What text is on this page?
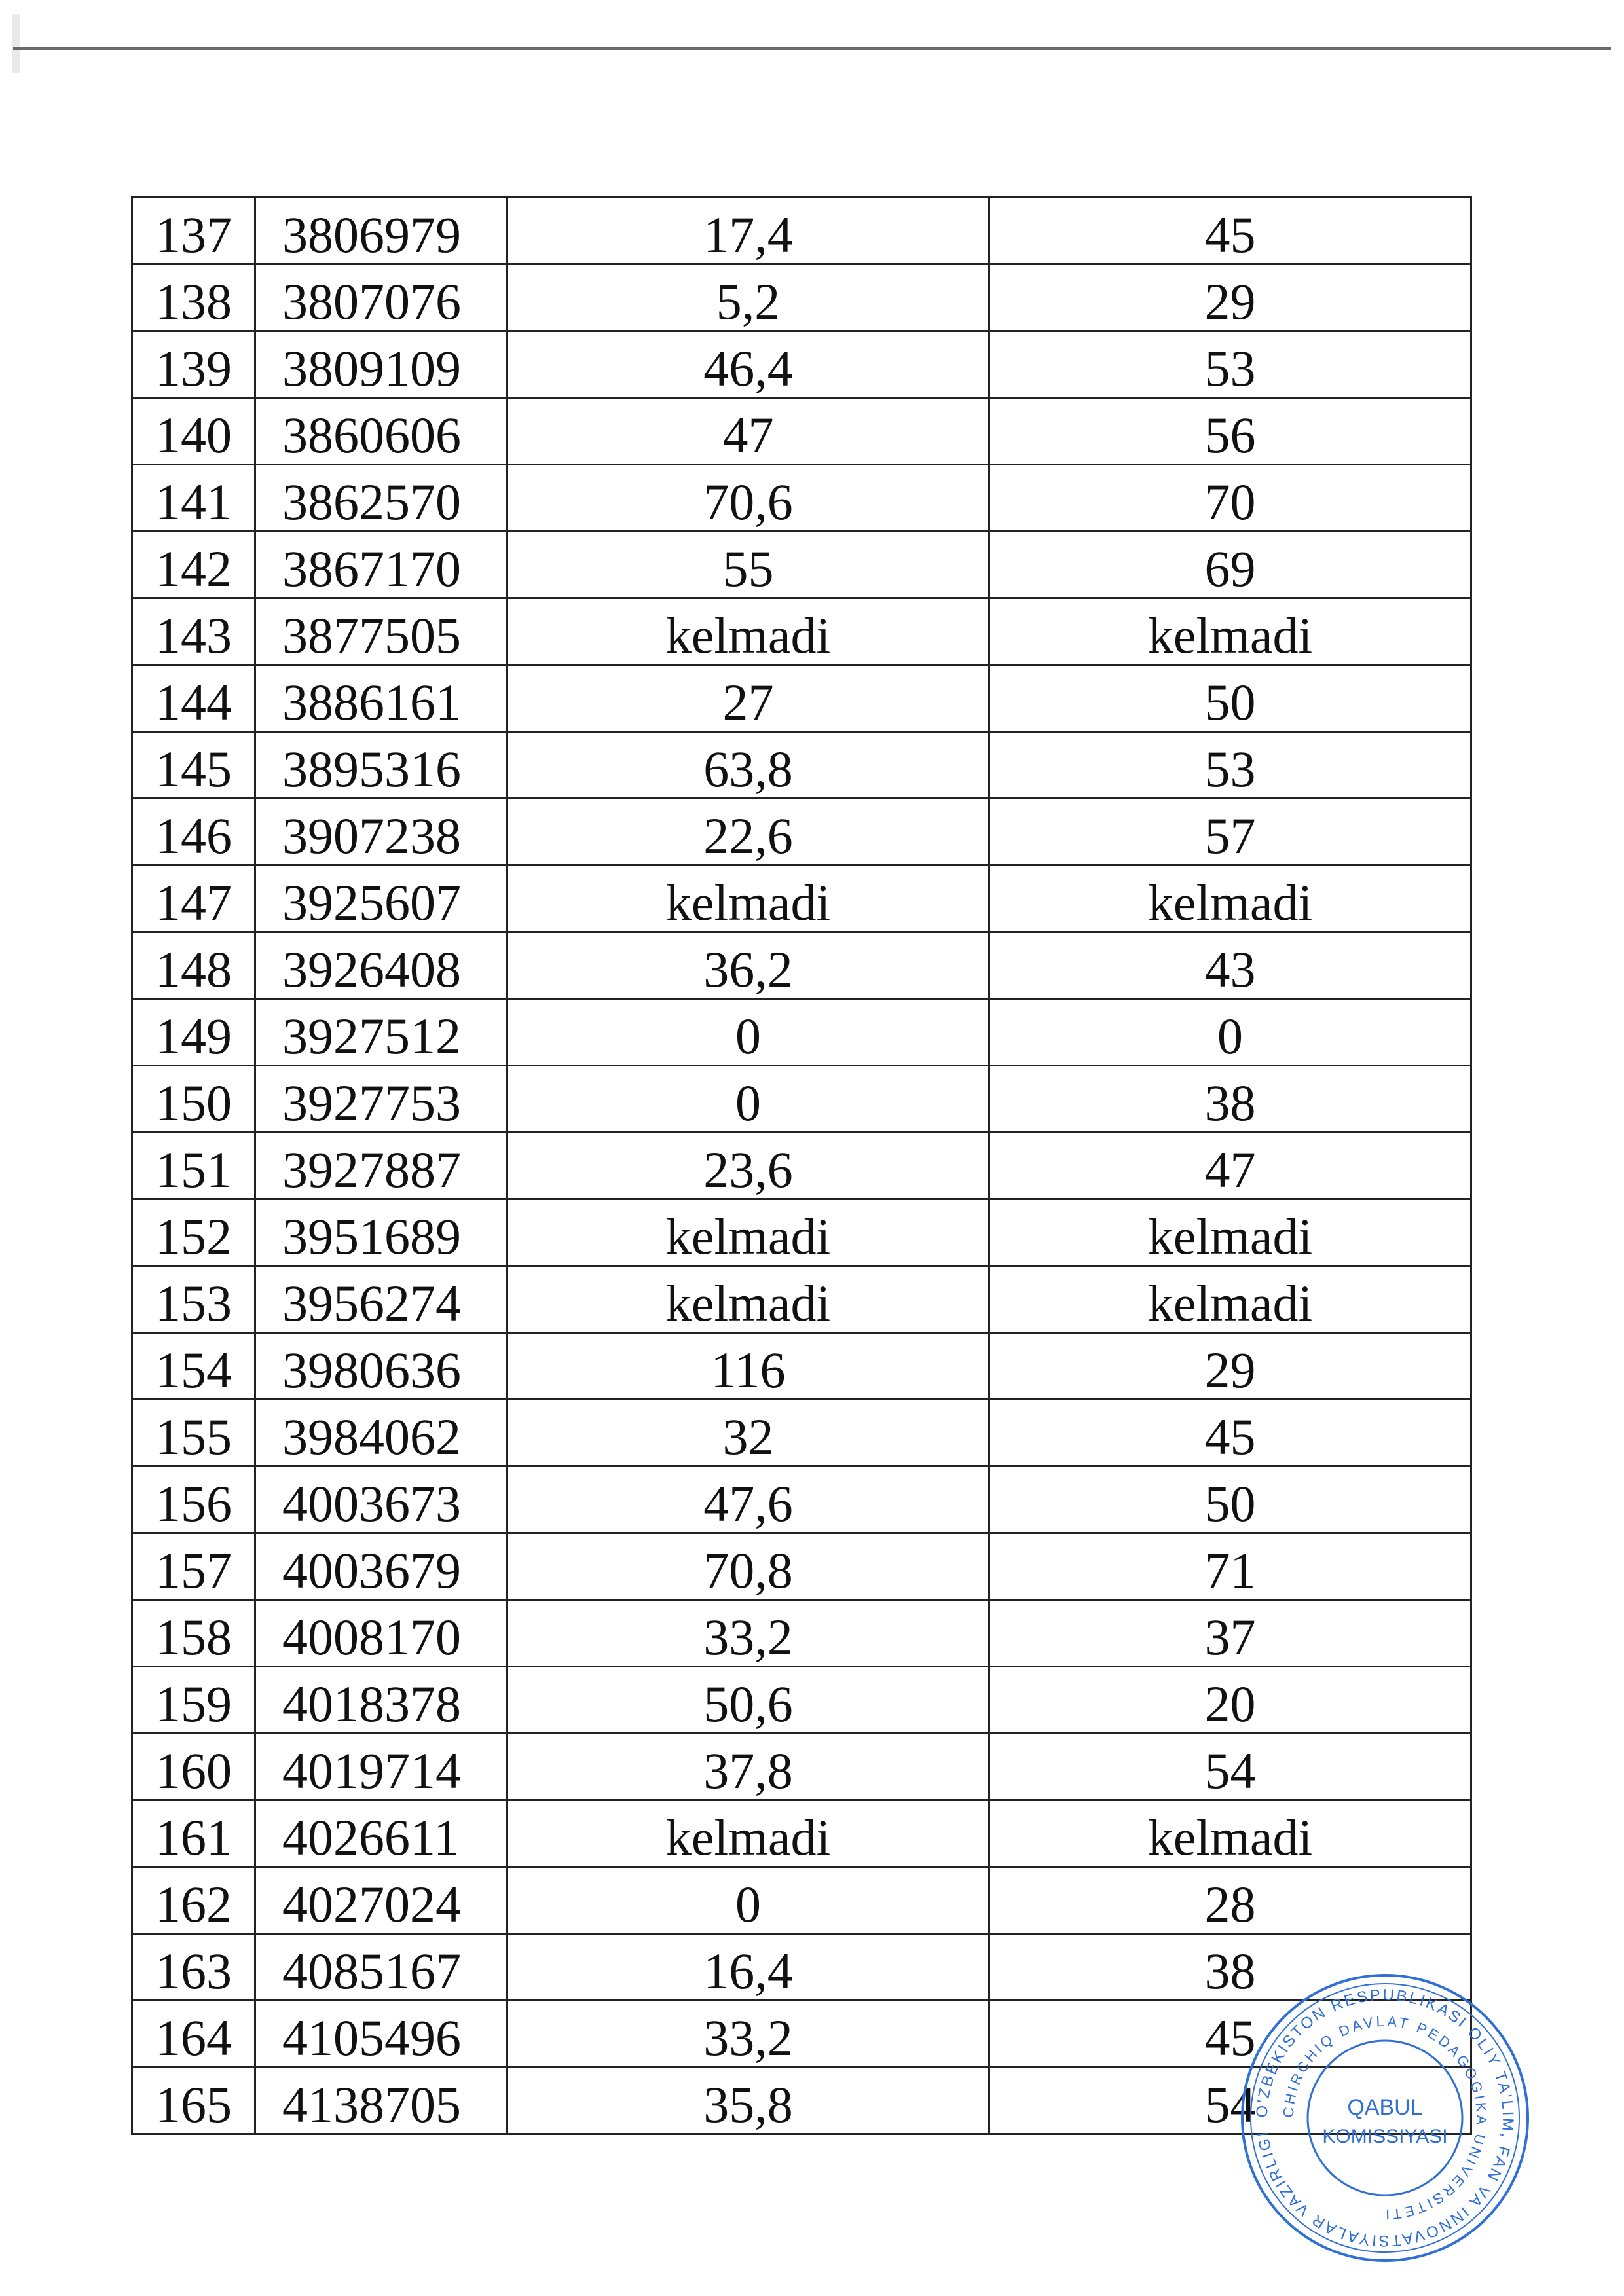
137	3806979	17,4	45
138	3807076	5,2	29
139	3809109	46,4	53
140	3860606	47	56
141	3862570	70,6	70
142	3867170	55	69
143	3877505	kelmadi	kelmadi
144	3886161	27	50
145	3895316	63,8	53
146	3907238	22,6	57
147	3925607	kelmadi	kelmadi
148	3926408	36,2	43
149	3927512	0	0
150	3927753	0	38
151	3927887	23,6	47
152	3951689	kelmadi	kelmadi
153	3956274	kelmadi	kelmadi
154	3980636	116	29
155	3984062	32	45
156	4003673	47,6	50
157	4003679	70,8	71
158	4008170	33,2	37
159	4018378	50,6	20
160	4019714	37,8	54
161	4026611	kelmadi	kelmadi
162	4027024	0	28
163	4085167	16,4	38
164	4105496	33,2	45
165	4138705	35,8	54
O'ZBEKISTON RESPUBLIKASI OLIY TA'LIM, FAN VA INNOVATSIYALAR VAZIRLIGI
CHIRCHIQ DAVLAT PEDAGOGIKA UNIVERSITETI
QABUL
KOMISSIYASI
